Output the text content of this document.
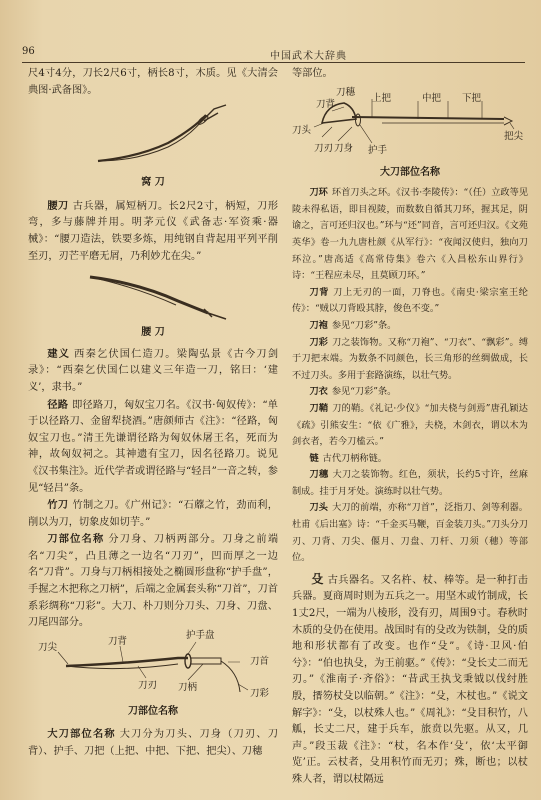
96	中国武术大辞典

尺4寸4分，刀长2尺6寸，柄长8寸，木质。见《大清会典图·武备图》。

窝 刀

腰刀 古兵器，属短柄刀。长2尺2寸，柄短，刀形弯，多与藤牌并用。明茅元仪《武备志·军资乘·器械》：“腰刀造法，铁要多炼，用纯钢自背起用平列平削至刃，刃芒平磨无屑，乃利妙尤在尖。”

腰 刀

建义 西秦乞伏国仁造刀。梁陶弘景《古今刀剑录》：“西秦乞伏国仁以建义三年造一刀，铭曰：‘建义’，隶书。”

径路 即径路刀，匈奴宝刀名。《汉书·匈奴传》：“单于以径路刀、金留犁挠酒。”唐颜师古《注》：“径路，匈奴宝刀也。”清王先谦谓径路为匈奴休屠王名，死而为神，故匈奴祠之。其神遗有宝刀，因名径路刀。说见《汉书集注》。近代学者或谓径路与“轻吕”一音之转，参见“轻吕”条。

竹刀 竹制之刀。《广州记》：“石蘼之竹，劲而利，削以为刀，切象皮如切芋。”

刀部位名称 分刀身、刀柄两部分。刀身之前端名“刀尖”，凸且薄之一边名“刀刃”，凹而厚之一边名“刀背”。刀身与刀柄相接处之椭圆形盘称“护手盘”，手握之木把称之刀柄”，后端之金属套头称“刀首”，刀首系彩绸称“刀彩”。大刀、朴刀则分刀头、刀身、刀盘、刀尾四部分。

刀尖
刀背
护手盘
刀刃 刀柄
刀首
刀彩
刀部位名称

大刀部位名称 大刀分为刀头、刀身（刀刃、刀背）、护手、刀把（上把、中把、下把、把尖）、刀穗

等部位。

刀背
刀穗
上把	中把 下把
刀头
刀刃 刀身 护手
把尖
大刀部位名称

刀环 环首刀头之环。《汉书·李陵传》：“（任）立政等见陵未得私语，即目视陵，而数数自循其刀环，握其足，阴谕之，言可还归汉也。”环与“还”同音，言可还归汉。《文苑英华》卷一九九唐杜颜《从军行》：“夜闻汉使归，独向刀环泣。”唐高适《高常侍集》卷六《入昌松东山界行》诗：“王程应未尽，且莫顾刀环。”

刀背 刀上无刃的一面，刀脊也。《南史·梁宗室王纶传》：“贼以刀背殴其脖，俊色不变。”

刀袍 参见“刀彩”条。

刀彩 刀之装饰物。又称“刀袍”、“刀衣”、“飘彩”。缚于刀把末端。为数条不同颜色，长三角形的丝绸做成，长不过刀头。多用于套路演练，以壮气势。

刀衣 参见“刀彩”条。

刀鞘 刀的鞘。《礼记·少仪》“加夫桡与剑焉”唐孔颖达《疏》引熊安生：“依《广雅》，夫桡，木剑衣，谓以木为剑衣者，若今刀榼云。”

链 古代刀柄称链。

刀穗 大刀之装饰物。红色，须状，长约5寸许，丝麻制成。挂于月牙处。演练时以壮气势。

刀头 大刀的前端，亦称“刀首”，泛指刀、剑等利器。杜甫《后出塞》诗：“千金买马鞭，百金装刀头。”刀头分刀刃、刀背、刀尖、偃月、刀盘、刀杆、刀须（穗）等部位。

殳 古兵器名。又名杵、杖、棒等。是一种打击兵器。夏商周时则为五兵之一。用坚木或竹制成，长1丈2尺，一端为八棱形，没有刃，周围9寸。春秋时木质的殳仍在使用。战国时有的殳改为铁制，殳的质地和形状都有了改变。也作“殳”。《诗·卫风·伯兮》：“伯也执殳，为王前驱。”《传》：“殳长丈二而无刃。”《淮南子·齐俗》：“昔武王执戈秉钺以伐纣胜殷，搢笏杖殳以临朝。”《注》：“殳，木杖也。”《说文解字》：“殳，以杖殊人也。”《周礼》：“殳目积竹，八觚，长丈二尺，建于兵车，旅贲以先驱。从又，几声。”段玉裁《注》：“杖，名本作‘殳’，依‘太平御览’正。云杖者，殳用积竹而无刃；殊，断也；以杖殊人者，谓以杖隔远
